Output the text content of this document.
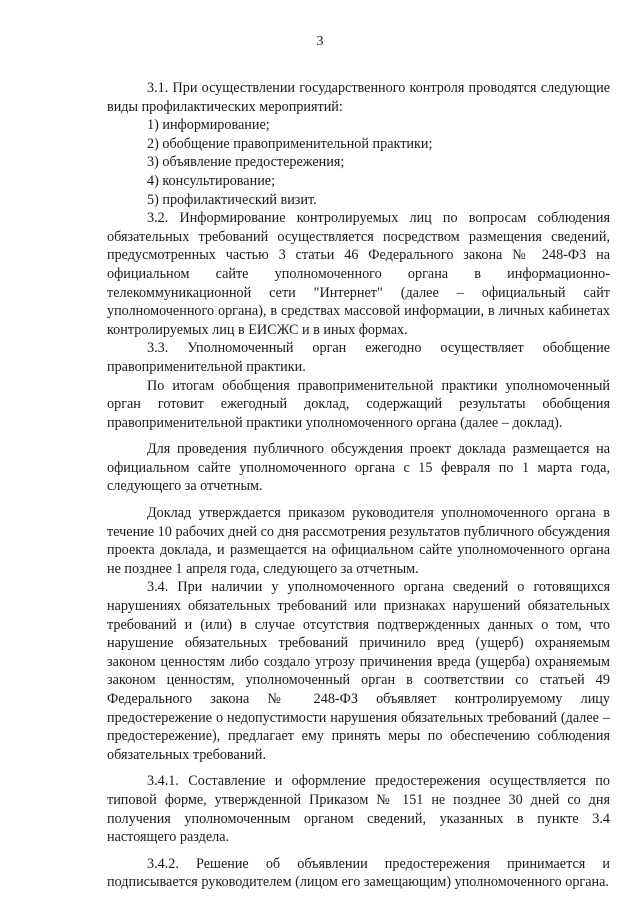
3

3.1. При осуществлении государственного контроля проводятся следующие виды профилактических мероприятий:

1) информирование;

2) обобщение правоприменительной практики;

3) объявление предостережения;

4) консультирование;

5) профилактический визит.

3.2. Информирование контролируемых лиц по вопросам соблюдения обязательных требований осуществляется посредством размещения сведений, предусмотренных частью 3 статьи 46 Федерального закона № 248-ФЗ на официальном сайте уполномоченного органа в информационно-телекоммуникационной сети "Интернет" (далее – официальный сайт уполномоченного органа), в средствах массовой информации, в личных кабинетах контролируемых лиц в ЕИСЖС и в иных формах.

3.3. Уполномоченный орган ежегодно осуществляет обобщение правоприменительной практики.

По итогам обобщения правоприменительной практики уполномоченный орган готовит ежегодный доклад, содержащий результаты обобщения правоприменительной практики уполномоченного органа (далее – доклад).

Для проведения публичного обсуждения проект доклада размещается на официальном сайте уполномоченного органа с 15 февраля по 1 марта года, следующего за отчетным.

Доклад утверждается приказом руководителя уполномоченного органа в течение 10 рабочих дней со дня рассмотрения результатов публичного обсуждения проекта доклада, и размещается на официальном сайте уполномоченного органа не позднее 1 апреля года, следующего за отчетным.

3.4. При наличии у уполномоченного органа сведений о готовящихся нарушениях обязательных требований или признаках нарушений обязательных требований и (или) в случае отсутствия подтвержденных данных о том, что нарушение обязательных требований причинило вред (ущерб) охраняемым законом ценностям либо создало угрозу причинения вреда (ущерба) охраняемым законом ценностям, уполномоченный орган в соответствии со статьей 49 Федерального закона № 248-ФЗ объявляет контролируемому лицу предостережение о недопустимости нарушения обязательных требований (далее – предостережение), предлагает ему принять меры по обеспечению соблюдения обязательных требований.

3.4.1. Составление и оформление предостережения осуществляется по типовой форме, утвержденной Приказом № 151 не позднее 30 дней со дня получения уполномоченным органом сведений, указанных в пункте 3.4 настоящего раздела.

3.4.2. Решение об объявлении предостережения принимается и подписывается руководителем (лицом его замещающим) уполномоченного органа.
